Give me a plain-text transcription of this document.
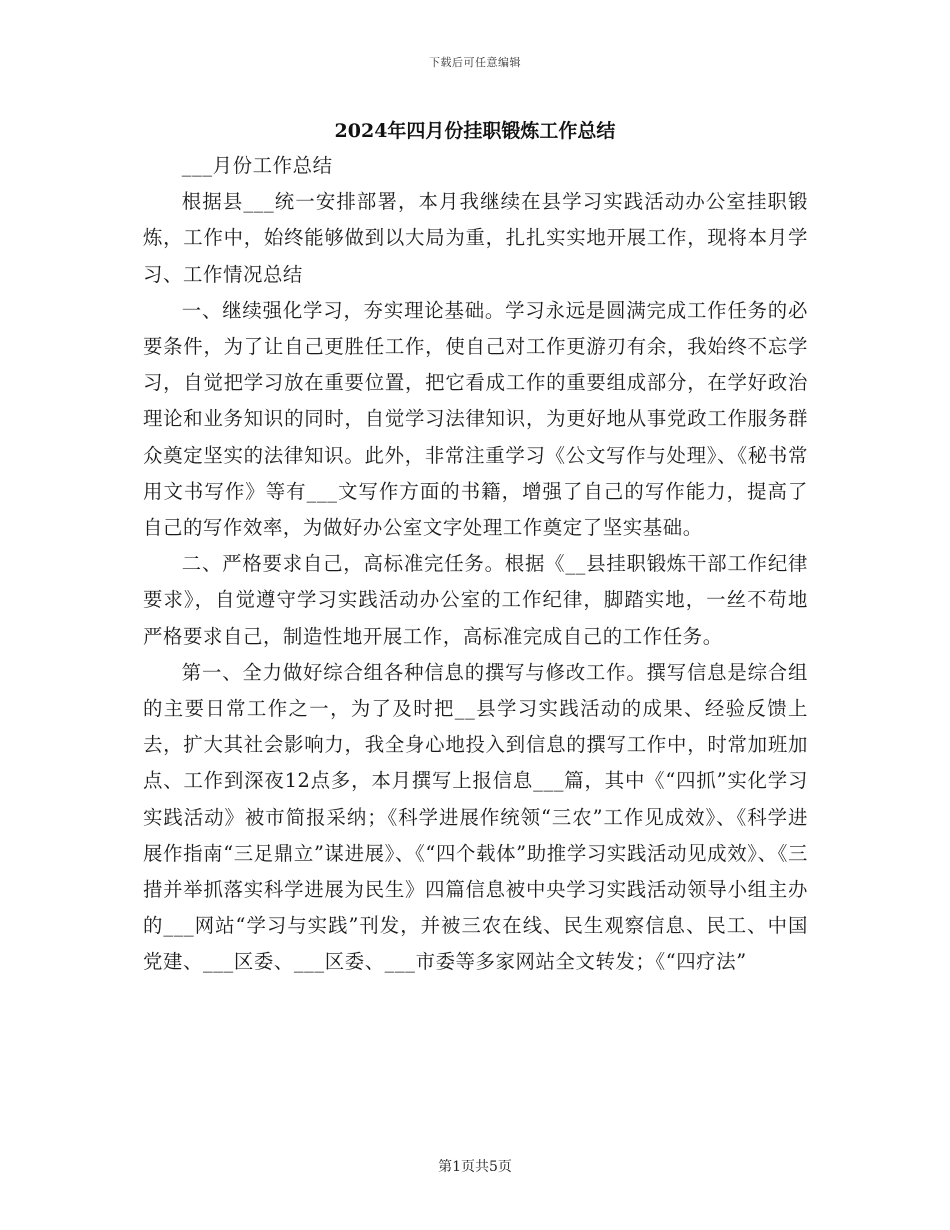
下载后可任意编辑
2024年四月份挂职锻炼工作总结

___月份工作总结

根据县___统一安排部署，本月我继续在县学习实践活动办公室挂职锻炼，工作中，始终能够做到以大局为重，扎扎实实地开展工作，现将本月学习、工作情况总结

一、继续强化学习，夯实理论基础。学习永远是圆满完成工作任务的必要条件，为了让自己更胜任工作，使自己对工作更游刃有余，我始终不忘学习，自觉把学习放在重要位置，把它看成工作的重要组成部分，在学好政治理论和业务知识的同时，自觉学习法律知识，为更好地从事党政工作服务群众奠定坚实的法律知识。此外，非常注重学习《公文写作与处理》、《秘书常用文书写作》等有___文写作方面的书籍，增强了自己的写作能力，提高了自己的写作效率，为做好办公室文字处理工作奠定了坚实基础。

二、严格要求自己，高标准完任务。根据《__县挂职锻炼干部工作纪律要求》，自觉遵守学习实践活动办公室的工作纪律，脚踏实地，一丝不苟地严格要求自己，制造性地开展工作，高标准完成自己的工作任务。

第一、全力做好综合组各种信息的撰写与修改工作。撰写信息是综合组的主要日常工作之一，为了及时把__县学习实践活动的成果、经验反馈上去，扩大其社会影响力，我全身心地投入到信息的撰写工作中，时常加班加点、工作到深夜12点多，本月撰写上报信息___篇，其中《“四抓”实化学习实践活动》被市简报采纳；《科学进展作统领“三农”工作见成效》、《科学进展作指南“三足鼎立”谋进展》、《“四个载体”助推学习实践活动见成效》、《三措并举抓落实科学进展为民生》四篇信息被中央学习实践活动领导小组主办的___网站“学习与实践”刊发，并被三农在线、民生观察信息、民工、中国党建、___区委、___区委、___市委等多家网站全文转发；《“四疗法”

第1页共5页
